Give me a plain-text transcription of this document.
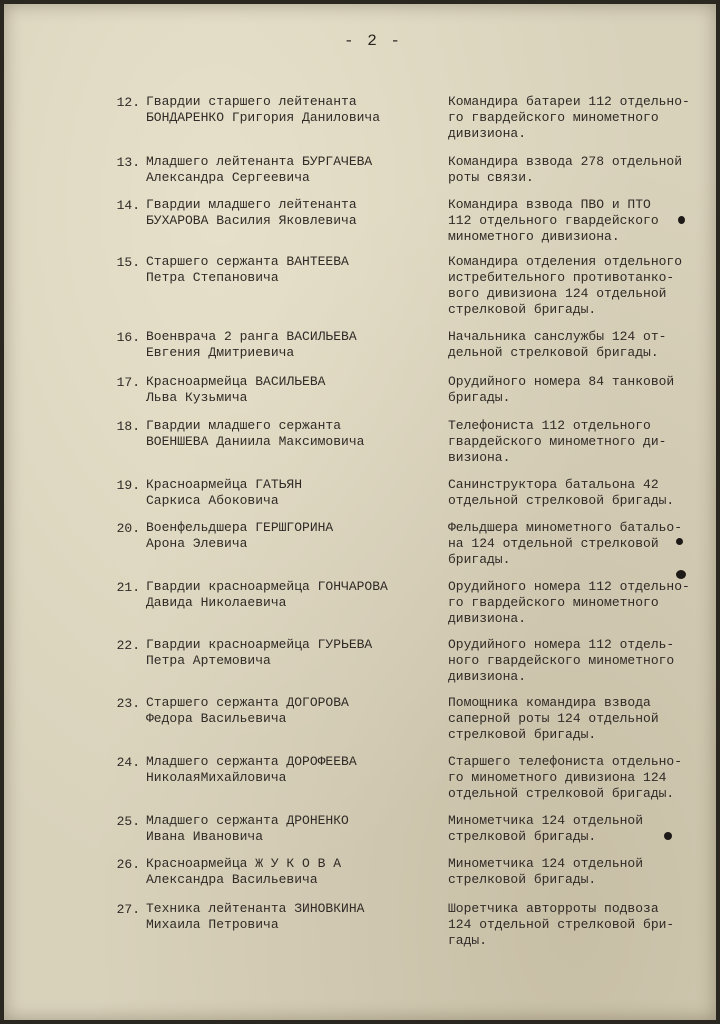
- 2 -
12. Гвардии старшего лейтенанта
БОНДАРЕНКО Григория Даниловича
Командира батареи 112 отдельно-
го гвардейского минометного
дивизиона.
13. Младшего лейтенанта БУРГАЧЕВА
Александра Сергеевича
Командира взвода 278 отдельной
роты связи.
14. Гвардии младшего лейтенанта
БУХАРОВА Василия Яковлевича
Командира взвода ПВО и ПТО
112 отдельного гвардейского
минометного дивизиона.
15. Старшего сержанта ВАНТЕЕВА
Петра Степановича
Командира отделения отдельного
истребительного противотанко-
вого дивизиона 124 отдельной
стрелковой бригады.
16. Военврача 2 ранга ВАСИЛЬЕВА
Евгения Дмитриевича
Начальника санслужбы 124 от-
дельной стрелковой бригады.
17. Красноармейца ВАСИЛЬЕВА
Льва Кузьмича
Орудийного номера 84 танковой
бригады.
18. Гвардии младшего сержанта
ВОЕНШЕВА Даниила Максимовича
Телефониста 112 отдельного
гвардейского минометного ди-
визиона.
19. Красноармейца ГАТЬЯН
Саркиса Абоковича
Санинструктора батальона 42
отдельной стрелковой бригады.
20. Военфельдшера ГЕРШГОРИНА
Арона Элевича
Фельдшера минометного батальо-
на 124 отдельной стрелковой
бригады.
21. Гвардии красноармейца ГОНЧАРОВА
Давида Николаевича
Орудийного номера 112 отдельно-
го гвардейского минометного
дивизиона.
22. Гвардии красноармейца ГУРЬЕВА
Петра Артемовича
Орудийного номера 112 отдель-
ного гвардейского минометного
дивизиона.
23. Старшего сержанта ДОГОРОВА
Федора Васильевича
Помощника командира взвода
саперной роты 124 отдельной
стрелковой бригады.
24. Младшего сержанта ДОРОФЕЕВА
НиколаяМихайловича
Старшего телефониста отдельно-
го минометного дивизиона 124
отдельной стрелковой бригады.
25. Младшего сержанта ДРОНЕНКО
Ивана Ивановича
Минометчика 124 отдельной
стрелковой бригады.
26. Красноармейца Ж У К О В А
Александра Васильевича
Минометчика 124 отдельной
стрелковой бригады.
27. Техника лейтенанта ЗИНОВКИНА
Михаила Петровича
Шоретчика авторроты подвоза
124 отдельной стрелковой бри-
гады.
